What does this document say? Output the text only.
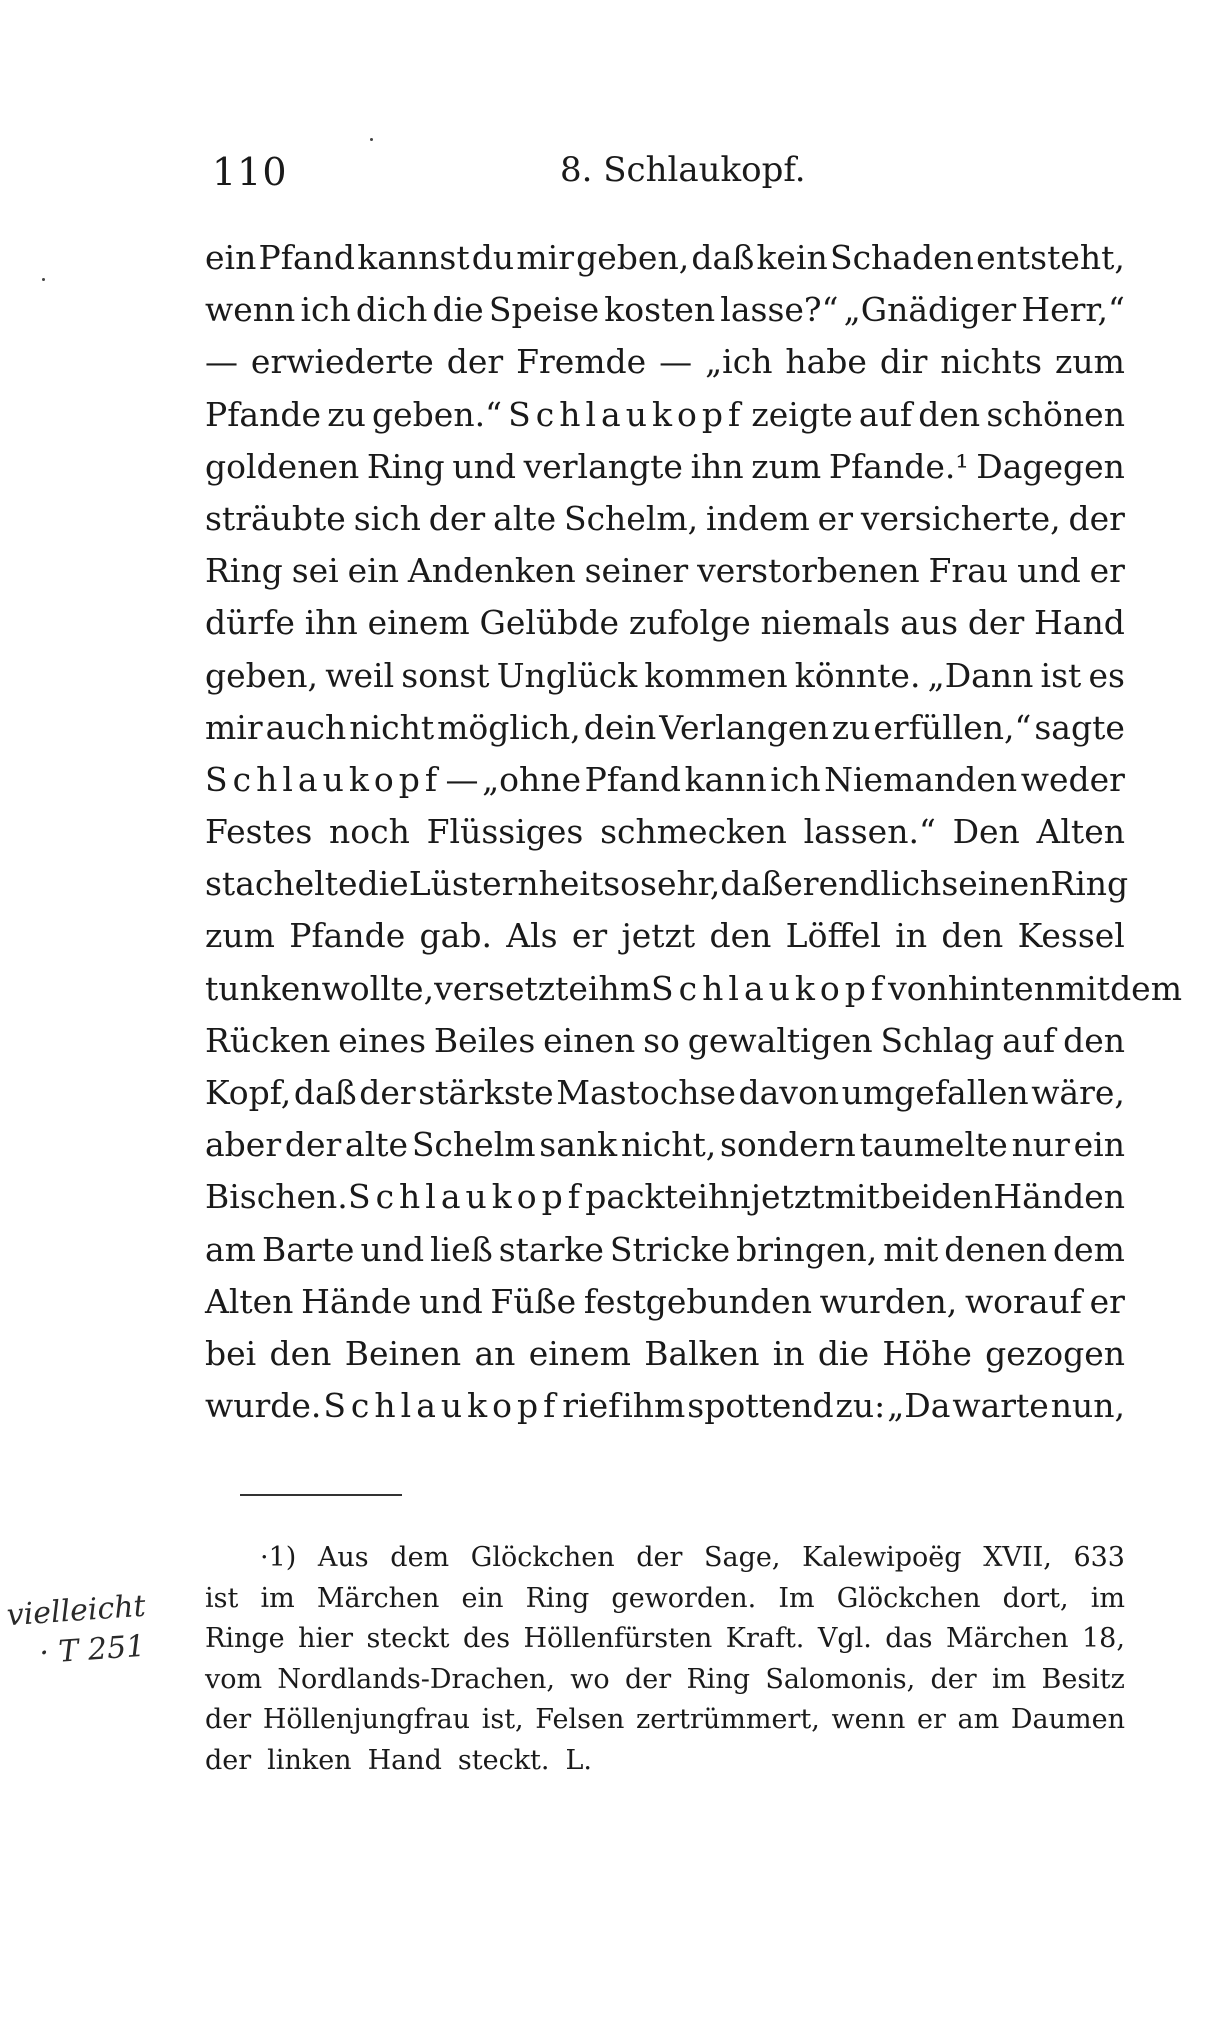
110	8. Schlaukopf.
ein Pfand kannst du mir geben, daß kein Schaden entsteht,
wenn ich dich die Speise kosten lasse?“ „Gnädiger Herr,“
— erwiederte der Fremde — „ich habe dir nichts zum
Pfande zu geben.“ Schlaukopf zeigte auf den schönen
goldenen Ring und verlangte ihn zum Pfande.¹ Dagegen
sträubte sich der alte Schelm, indem er versicherte, der
Ring sei ein Andenken seiner verstorbenen Frau und er
dürfe ihn einem Gelübde zufolge niemals aus der Hand
geben, weil sonst Unglück kommen könnte. „Dann ist es
mir auch nicht möglich, dein Verlangen zu erfüllen,“ sagte
Schlaukopf — „ohne Pfand kann ich Niemanden weder
Festes noch Flüssiges schmecken lassen.“ Den Alten
stachelte die Lüsternheit so sehr, daß er endlich seinen Ring
zum Pfande gab. Als er jetzt den Löffel in den Kessel
tunken wollte, versetzte ihm Schlaukopf von hinten mit dem
Rücken eines Beiles einen so gewaltigen Schlag auf den
Kopf, daß der stärkste Mastochse davon umgefallen wäre,
aber der alte Schelm sank nicht, sondern taumelte nur ein
Bischen. Schlaukopf packte ihn jetzt mit beiden Händen
am Barte und ließ starke Stricke bringen, mit denen dem
Alten Hände und Füße festgebunden wurden, worauf er
bei den Beinen an einem Balken in die Höhe gezogen
wurde. Schlaukopf rief ihm spottend zu: „Da warte nun,
·1) Aus dem Glöckchen der Sage, Kalewipoëg XVII, 633
ist im Märchen ein Ring geworden. Im Glöckchen dort, im
Ringe hier steckt des Höllenfürsten Kraft. Vgl. das Märchen 18,
vom Nordlands-Drachen, wo der Ring Salomonis, der im Besitz
der Höllenjungfrau ist, Felsen zertrümmert, wenn er am Daumen
der linken Hand steckt. L.
vielleicht
· T 251
